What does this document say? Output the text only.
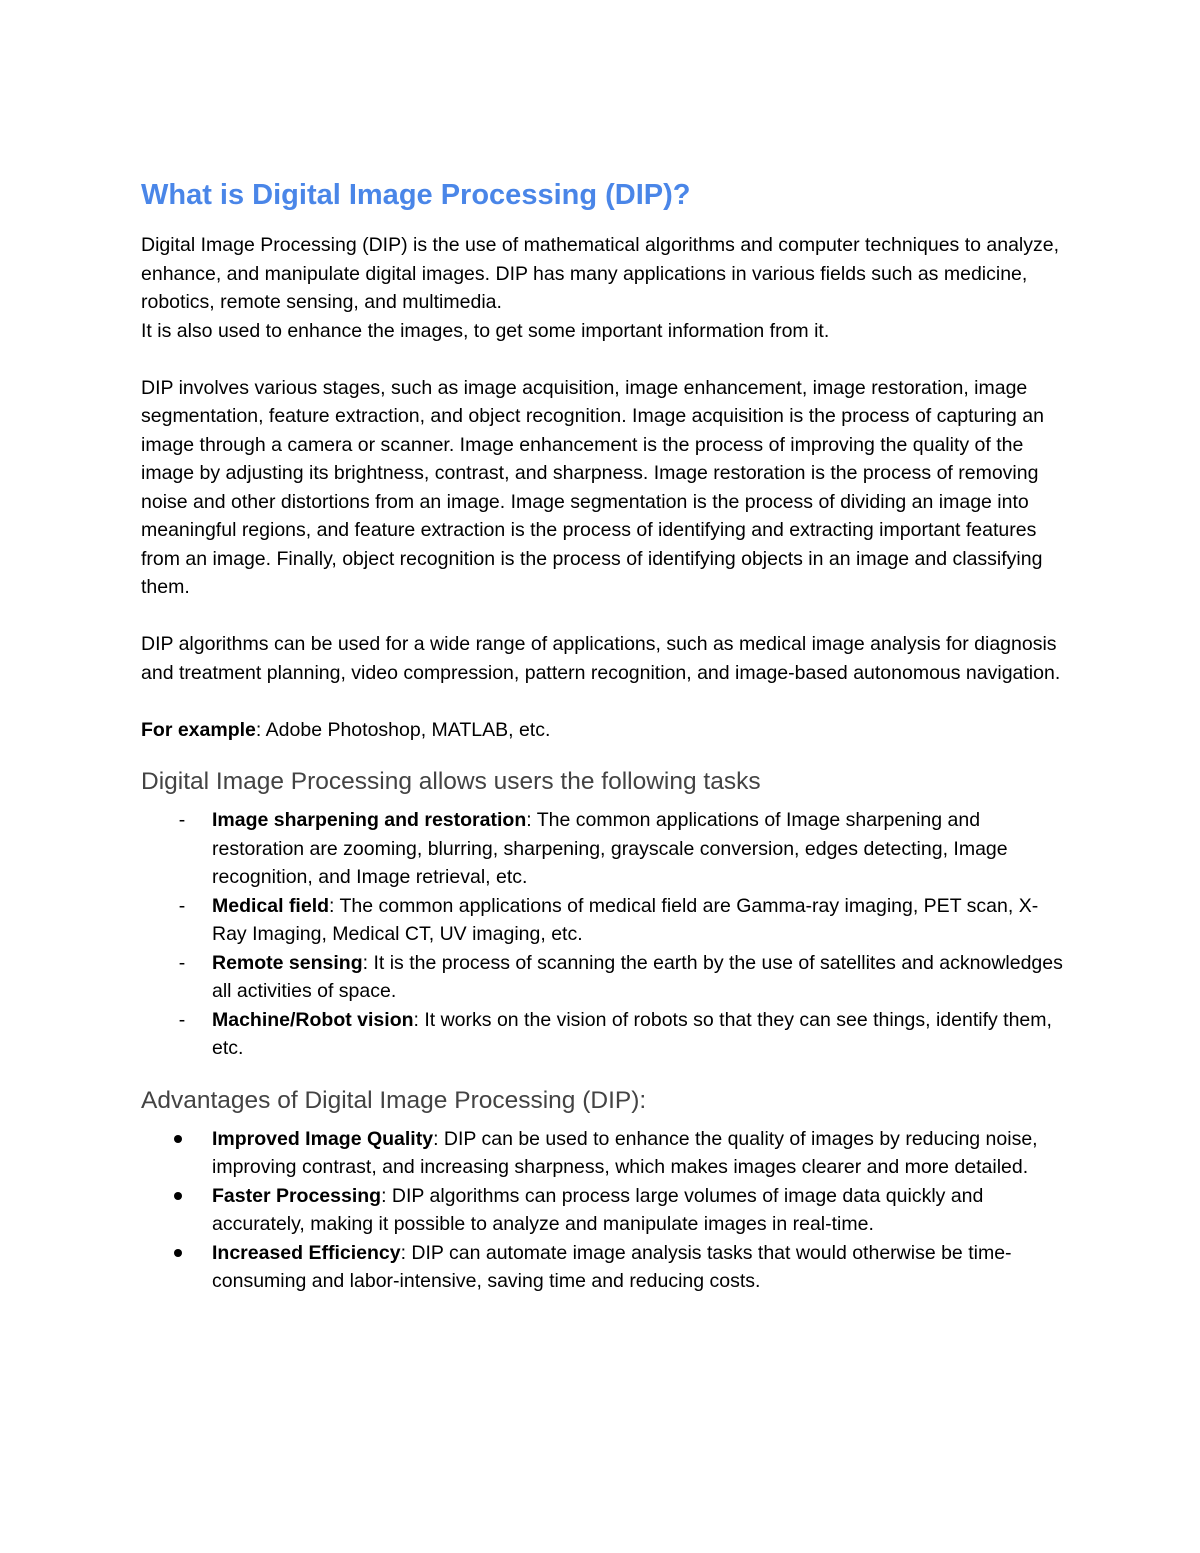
What is Digital Image Processing (DIP)?

Digital Image Processing (DIP) is the use of mathematical algorithms and computer techniques to analyze, enhance, and manipulate digital images. DIP has many applications in various fields such as medicine, robotics, remote sensing, and multimedia.

It is also used to enhance the images, to get some important information from it.

DIP involves various stages, such as image acquisition, image enhancement, image restoration, image segmentation, feature extraction, and object recognition. Image acquisition is the process of capturing an image through a camera or scanner. Image enhancement is the process of improving the quality of the image by adjusting its brightness, contrast, and sharpness. Image restoration is the process of removing noise and other distortions from an image. Image segmentation is the process of dividing an image into meaningful regions, and feature extraction is the process of identifying and extracting important features from an image. Finally, object recognition is the process of identifying objects in an image and classifying them.

DIP algorithms can be used for a wide range of applications, such as medical image analysis for diagnosis and treatment planning, video compression, pattern recognition, and image-based autonomous navigation.

For example: Adobe Photoshop, MATLAB, etc.

Digital Image Processing allows users the following tasks
-	Image sharpening and restoration: The common applications of Image sharpening and restoration are zooming, blurring, sharpening, grayscale conversion, edges detecting, Image recognition, and Image retrieval, etc.
-	Medical field: The common applications of medical field are Gamma-ray imaging, PET scan, X-Ray Imaging, Medical CT, UV imaging, etc.
-	Remote sensing: It is the process of scanning the earth by the use of satellites and acknowledges all activities of space.
-	Machine/Robot vision: It works on the vision of robots so that they can see things, identify them, etc.
Advantages of Digital Image Processing (DIP):
Improved Image Quality: DIP can be used to enhance the quality of images by reducing noise, improving contrast, and increasing sharpness, which makes images clearer and more detailed.
Faster Processing: DIP algorithms can process large volumes of image data quickly and accurately, making it possible to analyze and manipulate images in real-time.
Increased Efficiency: DIP can automate image analysis tasks that would otherwise be time-consuming and labor-intensive, saving time and reducing costs.
